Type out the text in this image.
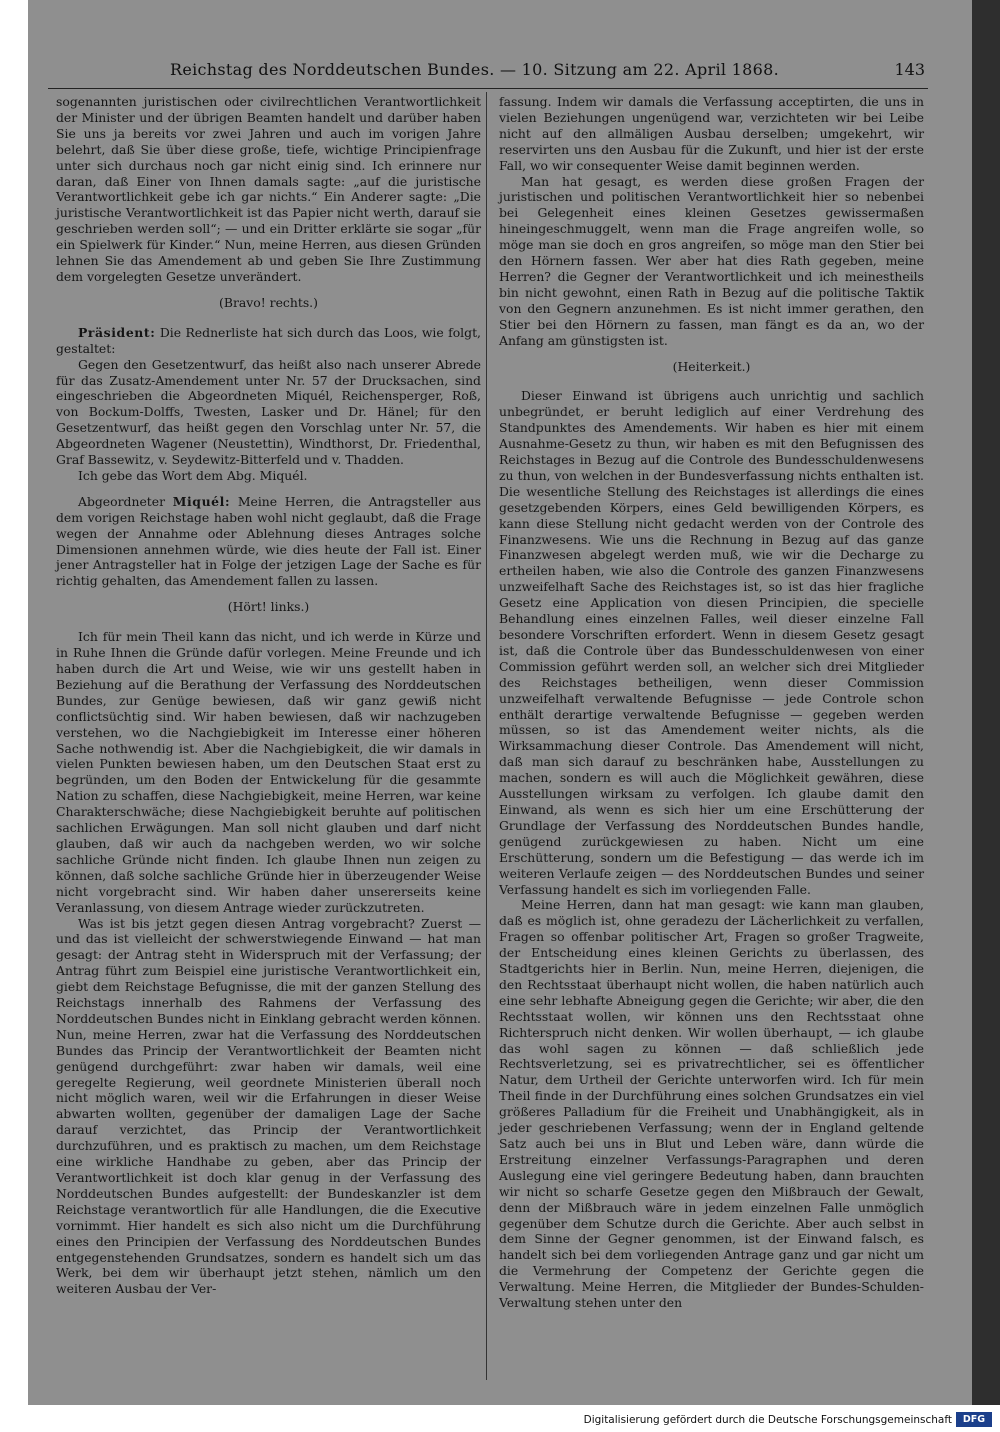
Reichstag des Norddeutschen Bundes. — 10. Sitzung am 22. April 1868.	143

sogenannten juristischen oder civilrechtlichen Verantwortlichkeit der Minister und der übrigen Beamten handelt und darüber haben Sie uns ja bereits vor zwei Jahren und auch im vorigen Jahre belehrt, daß Sie über diese große, tiefe, wichtige Principienfrage unter sich durchaus noch gar nicht einig sind. Ich erinnere nur daran, daß Einer von Ihnen damals sagte: „auf die juristische Verantwortlichkeit gebe ich gar nichts.“ Ein Anderer sagte: „Die juristische Verantwortlichkeit ist das Papier nicht werth, darauf sie geschrieben werden soll“; — und ein Dritter erklärte sie sogar „für ein Spielwerk für Kinder.“ Nun, meine Herren, aus diesen Gründen lehnen Sie das Amendement ab und geben Sie Ihre Zustimmung dem vorgelegten Gesetze unverändert.

(Bravo! rechts.)

Präsident: Die Rednerliste hat sich durch das Loos, wie folgt, gestaltet:

Gegen den Gesetzentwurf, das heißt also nach unserer Abrede für das Zusatz-Amendement unter Nr. 57 der Drucksachen, sind eingeschrieben die Abgeordneten Miquél, Reichensperger, Roß, von Bockum-Dolffs, Twesten, Lasker und Dr. Hänel; für den Gesetzentwurf, das heißt gegen den Vorschlag unter Nr. 57, die Abgeordneten Wagener (Neustettin), Windthorst, Dr. Friedenthal, Graf Bassewitz, v. Seydewitz-Bitterfeld und v. Thadden.

Ich gebe das Wort dem Abg. Miquél.

Abgeordneter Miquél: Meine Herren, die Antragsteller aus dem vorigen Reichstage haben wohl nicht geglaubt, daß die Frage wegen der Annahme oder Ablehnung dieses Antrages solche Dimensionen annehmen würde, wie dies heute der Fall ist. Einer jener Antragsteller hat in Folge der jetzigen Lage der Sache es für richtig gehalten, das Amendement fallen zu lassen.

(Hört! links.)

Ich für mein Theil kann das nicht, und ich werde in Kürze und in Ruhe Ihnen die Gründe dafür vorlegen. Meine Freunde und ich haben durch die Art und Weise, wie wir uns gestellt haben in Beziehung auf die Berathung der Verfassung des Norddeutschen Bundes, zur Genüge bewiesen, daß wir ganz gewiß nicht conflictsüchtig sind. Wir haben bewiesen, daß wir nachzugeben verstehen, wo die Nachgiebigkeit im Interesse einer höheren Sache nothwendig ist. Aber die Nachgiebigkeit, die wir damals in vielen Punkten bewiesen haben, um den Deutschen Staat erst zu begründen, um den Boden der Entwickelung für die gesammte Nation zu schaffen, diese Nachgiebigkeit, meine Herren, war keine Charakterschwäche; diese Nachgiebigkeit beruhte auf politischen sachlichen Erwägungen. Man soll nicht glauben und darf nicht glauben, daß wir auch da nachgeben werden, wo wir solche sachliche Gründe nicht finden. Ich glaube Ihnen nun zeigen zu können, daß solche sachliche Gründe hier in überzeugender Weise nicht vorgebracht sind. Wir haben daher unsererseits keine Veranlassung, von diesem Antrage wieder zurückzutreten.

Was ist bis jetzt gegen diesen Antrag vorgebracht? Zuerst — und das ist vielleicht der schwerstwiegende Einwand — hat man gesagt: der Antrag steht in Widerspruch mit der Verfassung; der Antrag führt zum Beispiel eine juristische Verantwortlichkeit ein, giebt dem Reichstage Befugnisse, die mit der ganzen Stellung des Reichstags innerhalb des Rahmens der Verfassung des Norddeutschen Bundes nicht in Einklang gebracht werden können. Nun, meine Herren, zwar hat die Verfassung des Norddeutschen Bundes das Princip der Verantwortlichkeit der Beamten nicht genügend durchgeführt: zwar haben wir damals, weil eine geregelte Regierung, weil geordnete Ministerien überall noch nicht möglich waren, weil wir die Erfahrungen in dieser Weise abwarten wollten, gegenüber der damaligen Lage der Sache darauf verzichtet, das Princip der Verantwortlichkeit durchzuführen, und es praktisch zu machen, um dem Reichstage eine wirkliche Handhabe zu geben, aber das Princip der Verantwortlichkeit ist doch klar genug in der Verfassung des Norddeutschen Bundes aufgestellt: der Bundeskanzler ist dem Reichstage verantwortlich für alle Handlungen, die die Executive vornimmt. Hier handelt es sich also nicht um die Durchführung eines den Principien der Verfassung des Norddeutschen Bundes entgegenstehenden Grundsatzes, sondern es handelt sich um das Werk, bei dem wir überhaupt jetzt stehen, nämlich um den weiteren Ausbau der Ver-

fassung. Indem wir damals die Verfassung acceptirten, die uns in vielen Beziehungen ungenügend war, verzichteten wir bei Leibe nicht auf den allmäligen Ausbau derselben; umgekehrt, wir reservirten uns den Ausbau für die Zukunft, und hier ist der erste Fall, wo wir consequenter Weise damit beginnen werden.

Man hat gesagt, es werden diese großen Fragen der juristischen und politischen Verantwortlichkeit hier so nebenbei bei Gelegenheit eines kleinen Gesetzes gewissermaßen hineingeschmuggelt, wenn man die Frage angreifen wolle, so möge man sie doch en gros angreifen, so möge man den Stier bei den Hörnern fassen. Wer aber hat dies Rath gegeben, meine Herren? die Gegner der Verantwortlichkeit und ich meinestheils bin nicht gewohnt, einen Rath in Bezug auf die politische Taktik von den Gegnern anzunehmen. Es ist nicht immer gerathen, den Stier bei den Hörnern zu fassen, man fängt es da an, wo der Anfang am günstigsten ist.

(Heiterkeit.)

Dieser Einwand ist übrigens auch unrichtig und sachlich unbegründet, er beruht lediglich auf einer Verdrehung des Standpunktes des Amendements. Wir haben es hier mit einem Ausnahme-Gesetz zu thun, wir haben es mit den Befugnissen des Reichstages in Bezug auf die Controle des Bundesschuldenwesens zu thun, von welchen in der Bundesverfassung nichts enthalten ist. Die wesentliche Stellung des Reichstages ist allerdings die eines gesetzgebenden Körpers, eines Geld bewilligenden Körpers, es kann diese Stellung nicht gedacht werden von der Controle des Finanzwesens. Wie uns die Rechnung in Bezug auf das ganze Finanzwesen abgelegt werden muß, wie wir die Decharge zu ertheilen haben, wie also die Controle des ganzen Finanzwesens unzweifelhaft Sache des Reichstages ist, so ist das hier fragliche Gesetz eine Application von diesen Principien, die specielle Behandlung eines einzelnen Falles, weil dieser einzelne Fall besondere Vorschriften erfordert. Wenn in diesem Gesetz gesagt ist, daß die Controle über das Bundesschuldenwesen von einer Commission geführt werden soll, an welcher sich drei Mitglieder des Reichstages betheiligen, wenn dieser Commission unzweifelhaft verwaltende Befugnisse — jede Controle schon enthält derartige verwaltende Befugnisse — gegeben werden müssen, so ist das Amendement weiter nichts, als die Wirksammachung dieser Controle. Das Amendement will nicht, daß man sich darauf zu beschränken habe, Ausstellungen zu machen, sondern es will auch die Möglichkeit gewähren, diese Ausstellungen wirksam zu verfolgen. Ich glaube damit den Einwand, als wenn es sich hier um eine Erschütterung der Grundlage der Verfassung des Norddeutschen Bundes handle, genügend zurückgewiesen zu haben. Nicht um eine Erschütterung, sondern um die Befestigung — das werde ich im weiteren Verlaufe zeigen — des Norddeutschen Bundes und seiner Verfassung handelt es sich im vorliegenden Falle.

Meine Herren, dann hat man gesagt: wie kann man glauben, daß es möglich ist, ohne geradezu der Lächerlichkeit zu verfallen, Fragen so offenbar politischer Art, Fragen so großer Tragweite, der Entscheidung eines kleinen Gerichts zu überlassen, des Stadtgerichts hier in Berlin. Nun, meine Herren, diejenigen, die den Rechtsstaat überhaupt nicht wollen, die haben natürlich auch eine sehr lebhafte Abneigung gegen die Gerichte; wir aber, die den Rechtsstaat wollen, wir können uns den Rechtsstaat ohne Richterspruch nicht denken. Wir wollen überhaupt, — ich glaube das wohl sagen zu können — daß schließlich jede Rechtsverletzung, sei es privatrechtlicher, sei es öffentlicher Natur, dem Urtheil der Gerichte unterworfen wird. Ich für mein Theil finde in der Durchführung eines solchen Grundsatzes ein viel größeres Palladium für die Freiheit und Unabhängigkeit, als in jeder geschriebenen Verfassung; wenn der in England geltende Satz auch bei uns in Blut und Leben wäre, dann würde die Erstreitung einzelner Verfassungs-Paragraphen und deren Auslegung eine viel geringere Bedeutung haben, dann brauchten wir nicht so scharfe Gesetze gegen den Mißbrauch der Gewalt, denn der Mißbrauch wäre in jedem einzelnen Falle unmöglich gegenüber dem Schutze durch die Gerichte. Aber auch selbst in dem Sinne der Gegner genommen, ist der Einwand falsch, es handelt sich bei dem vorliegenden Antrage ganz und gar nicht um die Vermehrung der Competenz der Gerichte gegen die Verwaltung. Meine Herren, die Mitglieder der Bundes-Schulden-Verwaltung stehen unter den

Digitalisierung gefördert durch die Deutsche Forschungsgemeinschaft	DFG
